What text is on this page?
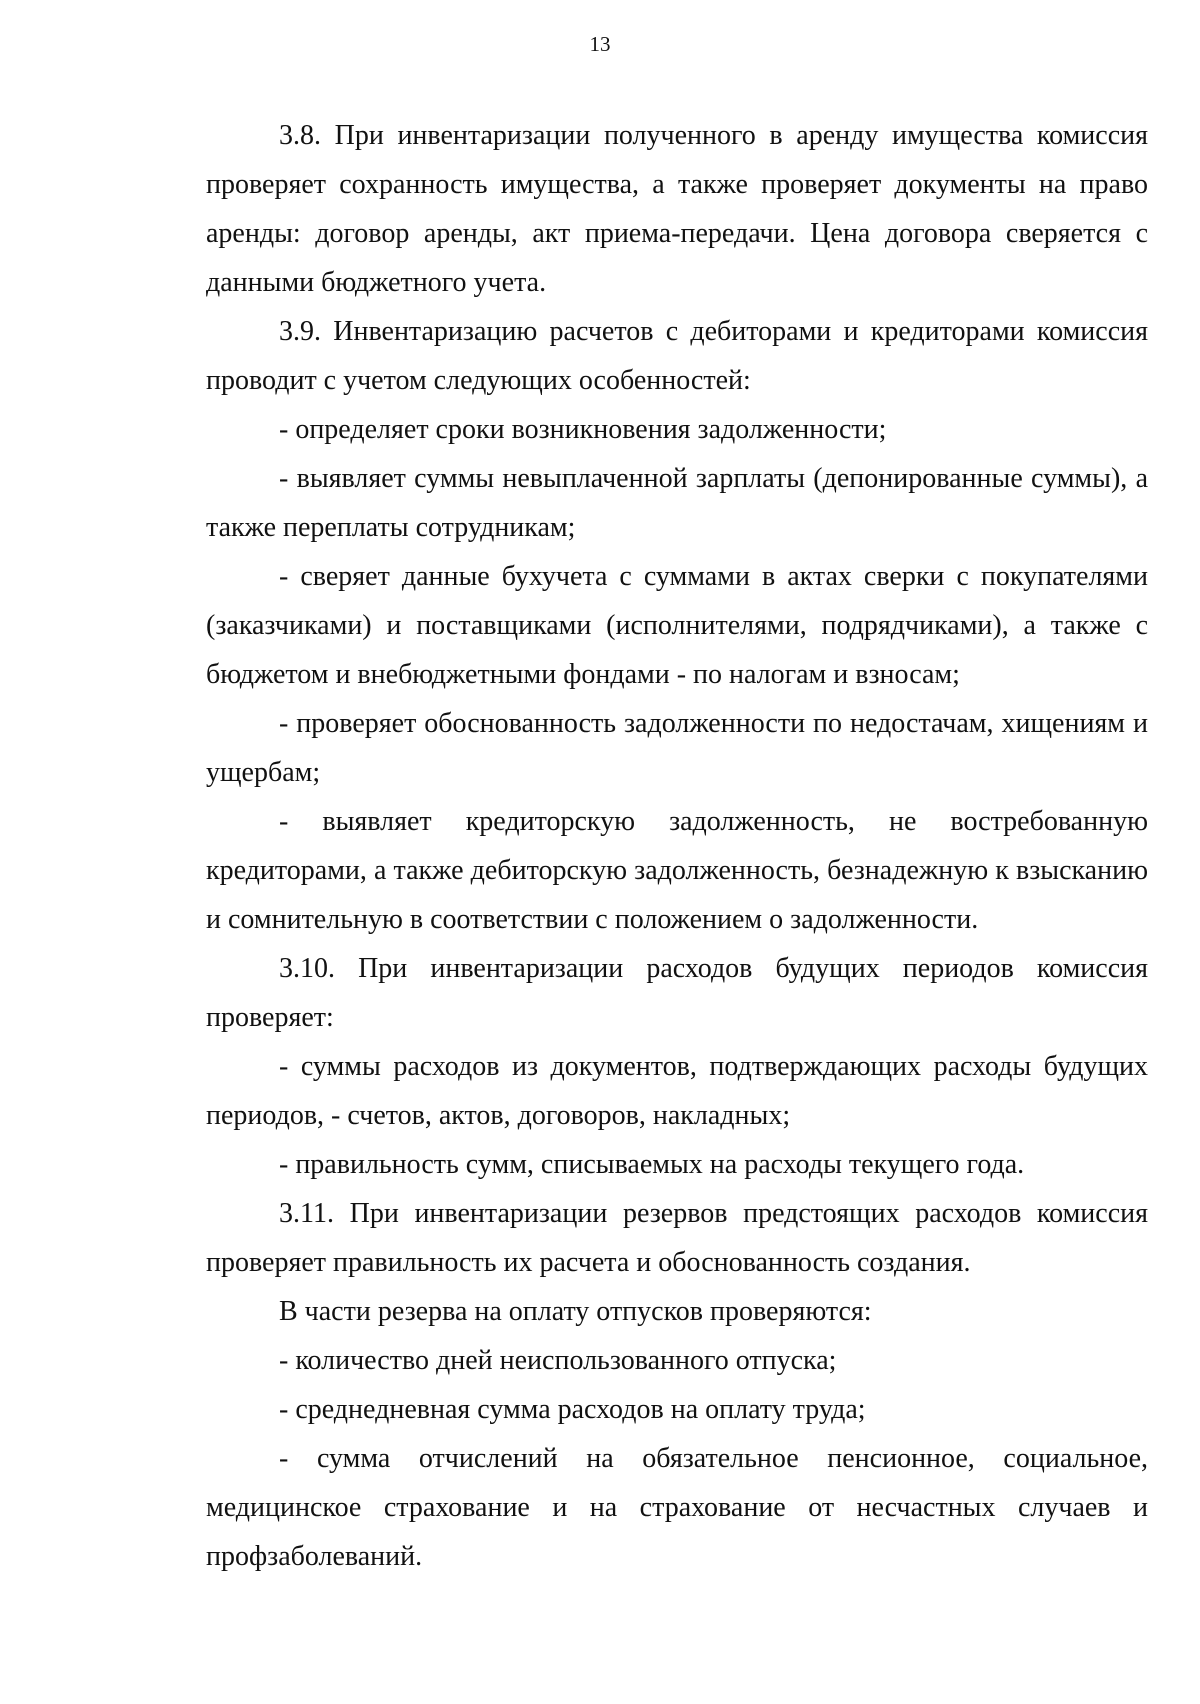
13

3.8. При инвентаризации полученного в аренду имущества комиссия проверяет сохранность имущества, а также проверяет документы на право аренды: договор аренды, акт приема-передачи. Цена договора сверяется с данными бюджетного учета.

3.9. Инвентаризацию расчетов с дебиторами и кредиторами комиссия проводит с учетом следующих особенностей:

- определяет сроки возникновения задолженности;

- выявляет суммы невыплаченной зарплаты (депонированные суммы), а также переплаты сотрудникам;

- сверяет данные бухучета с суммами в актах сверки с покупателями (заказчиками) и поставщиками (исполнителями, подрядчиками), а также с бюджетом и внебюджетными фондами - по налогам и взносам;

- проверяет обоснованность задолженности по недостачам, хищениям и ущербам;

- выявляет кредиторскую задолженность, не востребованную кредиторами, а также дебиторскую задолженность, безнадежную к взысканию и сомнительную в соответствии с положением о задолженности.

3.10. При инвентаризации расходов будущих периодов комиссия проверяет:

- суммы расходов из документов, подтверждающих расходы будущих периодов, - счетов, актов, договоров, накладных;

- правильность сумм, списываемых на расходы текущего года.

3.11. При инвентаризации резервов предстоящих расходов комиссия проверяет правильность их расчета и обоснованность создания.

В части резерва на оплату отпусков проверяются:

- количество дней неиспользованного отпуска;

- среднедневная сумма расходов на оплату труда;

- сумма отчислений на обязательное пенсионное, социальное, медицинское страхование и на страхование от несчастных случаев и профзаболеваний.
